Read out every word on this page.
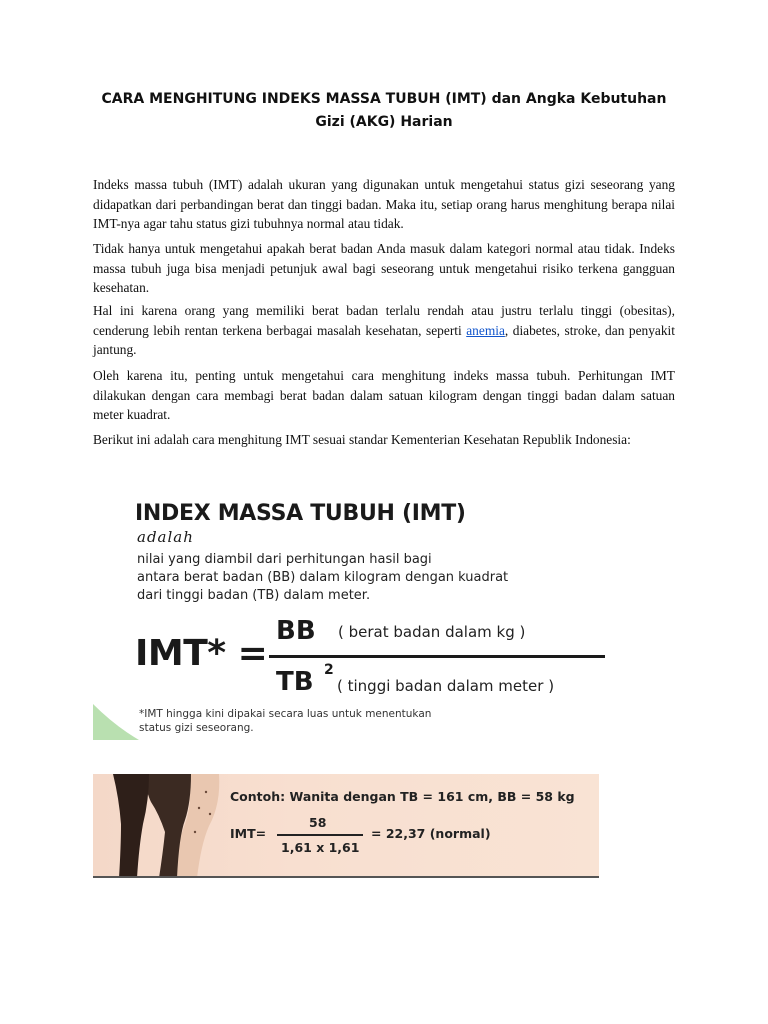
CARA MENGHITUNG INDEKS MASSA TUBUH (IMT) dan Angka Kebutuhan Gizi (AKG) Harian

Indeks massa tubuh (IMT) adalah ukuran yang digunakan untuk mengetahui status gizi seseorang yang didapatkan dari perbandingan berat dan tinggi badan. Maka itu, setiap orang harus menghitung berapa nilai IMT-nya agar tahu status gizi tubuhnya normal atau tidak.

Tidak hanya untuk mengetahui apakah berat badan Anda masuk dalam kategori normal atau tidak. Indeks massa tubuh juga bisa menjadi petunjuk awal bagi seseorang untuk mengetahui risiko terkena gangguan kesehatan.

Hal ini karena orang yang memiliki berat badan terlalu rendah atau justru terlalu tinggi (obesitas), cenderung lebih rentan terkena berbagai masalah kesehatan, seperti anemia, diabetes, stroke, dan penyakit jantung.

Oleh karena itu, penting untuk mengetahui cara menghitung indeks massa tubuh. Perhitungan IMT dilakukan dengan cara membagi berat badan dalam satuan kilogram dengan tinggi badan dalam satuan meter kuadrat.

Berikut ini adalah cara menghitung IMT sesuai standar Kementerian Kesehatan Republik Indonesia:

INDEX MASSA TUBUH (IMT)
adalah
nilai yang diambil dari perhitungan hasil bagi
antara berat badan (BB) dalam kilogram dengan kuadrat
dari tinggi badan (TB) dalam meter.
IMT* =
BB ( berat badan dalam kg )
TB 2
( tinggi badan dalam meter )
*IMT hingga kini dipakai secara luas untuk menentukan
status gizi seseorang.
Contoh: Wanita dengan TB = 161 cm, BB = 58 kg
IMT=
58
1,61 x 1,61
= 22,37 (normal)
